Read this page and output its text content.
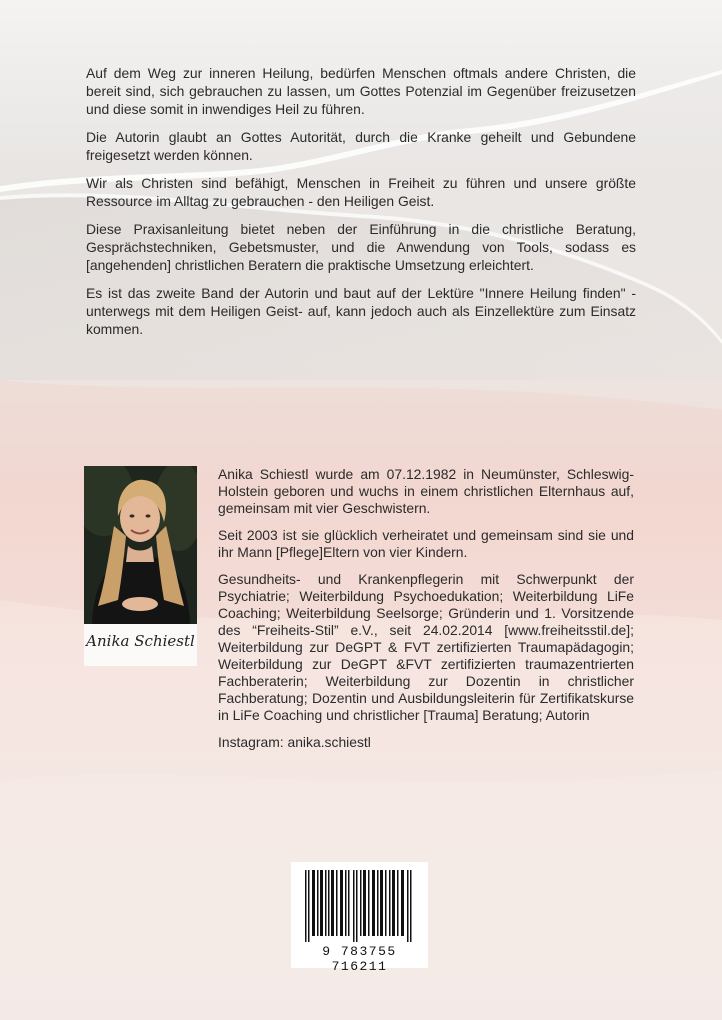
Auf dem Weg zur inneren Heilung, bedürfen Menschen oftmals andere Christen, die bereit sind, sich gebrauchen zu lassen, um Gottes Potenzial im Gegenüber freizusetzen und diese somit in inwendiges Heil zu führen.

Die Autorin glaubt an Gottes Autorität, durch die Kranke geheilt und Gebundene freigesetzt werden können.

Wir als Christen sind befähigt, Menschen in Freiheit zu führen und unsere größte Ressource im Alltag zu gebrauchen - den Heiligen Geist.

Diese Praxisanleitung bietet neben der Einführung in die christliche Beratung, Gesprächstechniken, Gebetsmuster, und die Anwendung von Tools, sodass es [angehenden] christlichen Beratern die praktische Umsetzung erleichtert.

Es ist das zweite Band der Autorin und baut auf der Lektüre "Innere Heilung finden" -unterwegs mit dem Heiligen Geist- auf, kann jedoch auch als Einzellektüre zum Einsatz kommen.

Anika Schiestl

Anika Schiestl wurde am 07.12.1982 in Neumünster, Schleswig-Holstein geboren und wuchs in einem christlichen Elternhaus auf, gemeinsam mit vier Geschwistern.

Seit 2003 ist sie glücklich verheiratet und gemeinsam sind sie und ihr Mann [Pflege]Eltern von vier Kindern.

Gesundheits- und Krankenpflegerin mit Schwerpunkt der Psychiatrie; Weiterbildung Psychoedukation; Weiterbildung LiFe Coaching; Weiterbildung Seelsorge; Gründerin und 1. Vorsitzende des “Freiheits-Stil” e.V., seit 24.02.2014 [www.freiheitsstil.de]; Weiterbildung zur DeGPT & FVT zertifizierten Traumapädagogin; Weiterbildung zur DeGPT &FVT zertifizierten traumazentrierten Fachberaterin; Weiterbildung zur Dozentin in christlicher Fachberatung; Dozentin und Ausbildungsleiterin für Zertifikatskurse in LiFe Coaching und christlicher [Trauma] Beratung; Autorin

Instagram: anika.schiestl

9 783755 716211
